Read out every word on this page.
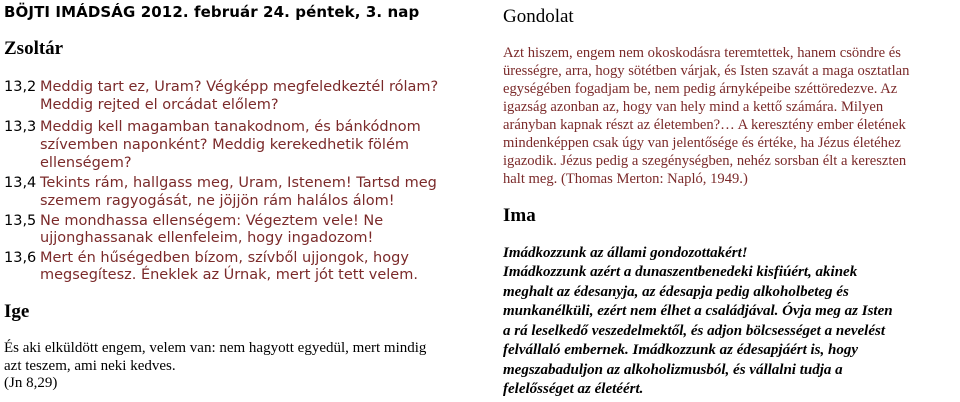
BÖJTI IMÁDSÁG 2012. február 24. péntek, 3. nap
Zsoltár
13,2 Meddig tart ez, Uram? Végképp megfeledkeztél rólam?
Meddig rejted el orcádat előlem?
13,3 Meddig kell magamban tanakodnom, és bánkódnom
szívemben naponként? Meddig kerekedhetik fölém
ellenségem?
13,4 Tekints rám, hallgass meg, Uram, Istenem! Tartsd meg
szemem ragyogását, ne jöjjön rám halálos álom!
13,5 Ne mondhassa ellenségem: Végeztem vele! Ne
ujjonghassanak ellenfeleim, hogy ingadozom!
13,6 Mert én hűségedben bízom, szívből ujjongok, hogy
megsegítesz. Éneklek az Úrnak, mert jót tett velem.
Ige
És aki elküldött engem, velem van: nem hagyott egyedül, mert mindig
azt teszem, ami neki kedves.
(Jn 8,29)
Gondolat
Azt hiszem, engem nem okoskodásra teremtettek, hanem csöndre és
ürességre, arra, hogy sötétben várjak, és Isten szavát a maga osztatlan
egységében fogadjam be, nem pedig árnyképeibe széttöredezve. Az
igazság azonban az, hogy van hely mind a kettő számára. Milyen
arányban kapnak részt az életemben?… A keresztény ember életének
mindenképpen csak úgy van jelentősége és értéke, ha Jézus életéhez
igazodik. Jézus pedig a szegénységben, nehéz sorsban élt a kereszten
halt meg. (Thomas Merton: Napló, 1949.)
Ima
Imádkozzunk az állami gondozottakért!
Imádkozzunk azért a dunaszentbenedeki kisfiúért, akinek
meghalt az édesanyja, az édesapja pedig alkoholbeteg és
munkanélküli, ezért nem élhet a családjával. Óvja meg az Isten
a rá leselkedő veszedelmektől, és adjon bölcsességet a nevelést
felvállaló embernek. Imádkozzunk az édesapjáért is, hogy
megszabaduljon az alkoholizmusból, és vállalni tudja a
felelősséget az életéért.
